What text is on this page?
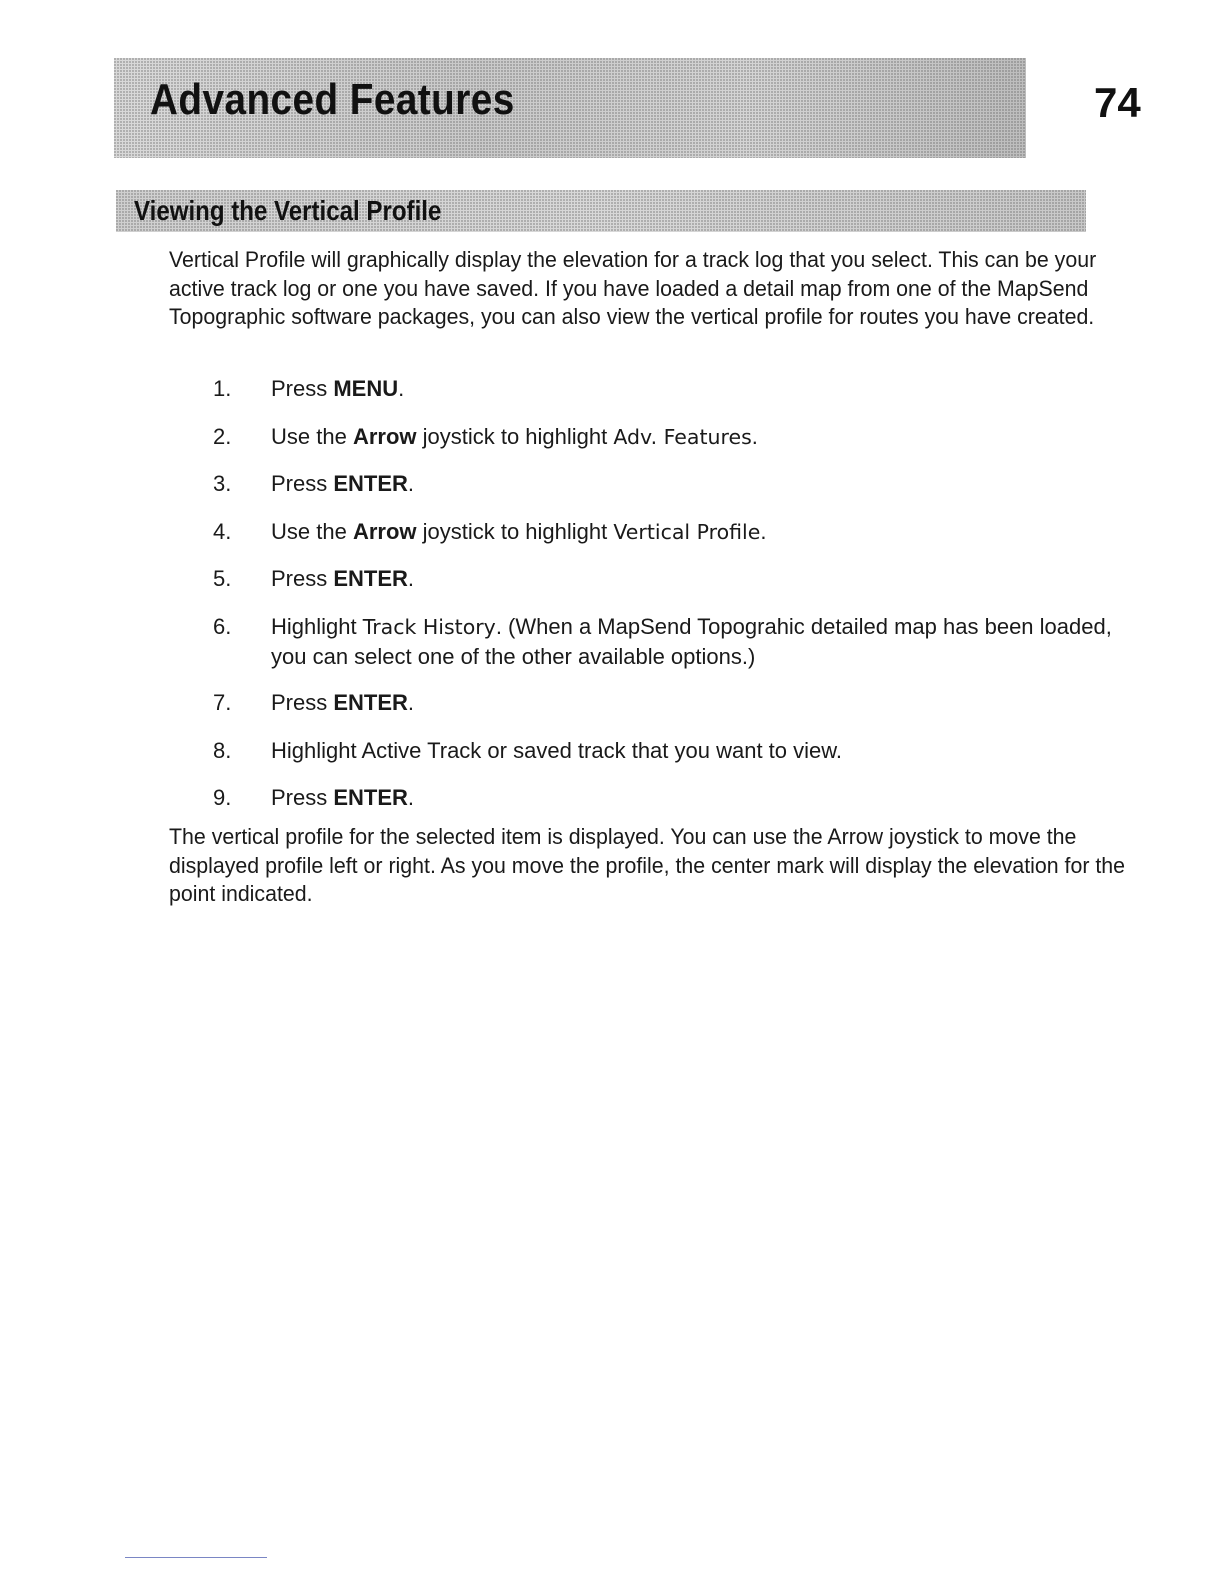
Advanced Features	74
Viewing the Vertical Profile

Vertical Profile will graphically display the elevation for a track log that you select. This can be your active track log or one you have saved. If you have loaded a detail map from one of the MapSend Topographic software packages, you can also view the vertical profile for routes you have created.

1. Press MENU.
2. Use the Arrow joystick to highlight Adv. Features.
3. Press ENTER.
4. Use the Arrow joystick to highlight Vertical Profile.
5. Press ENTER.
6. Highlight Track History. (When a MapSend Topograhic detailed map has been loaded, you can select one of the other available options.)
7. Press ENTER.
8. Highlight Active Track or saved track that you want to view.
9. Press ENTER.

The vertical profile for the selected item is displayed. You can use the Arrow joystick to move the displayed profile left or right. As you move the profile, the center mark will display the elevation for the point indicated.
